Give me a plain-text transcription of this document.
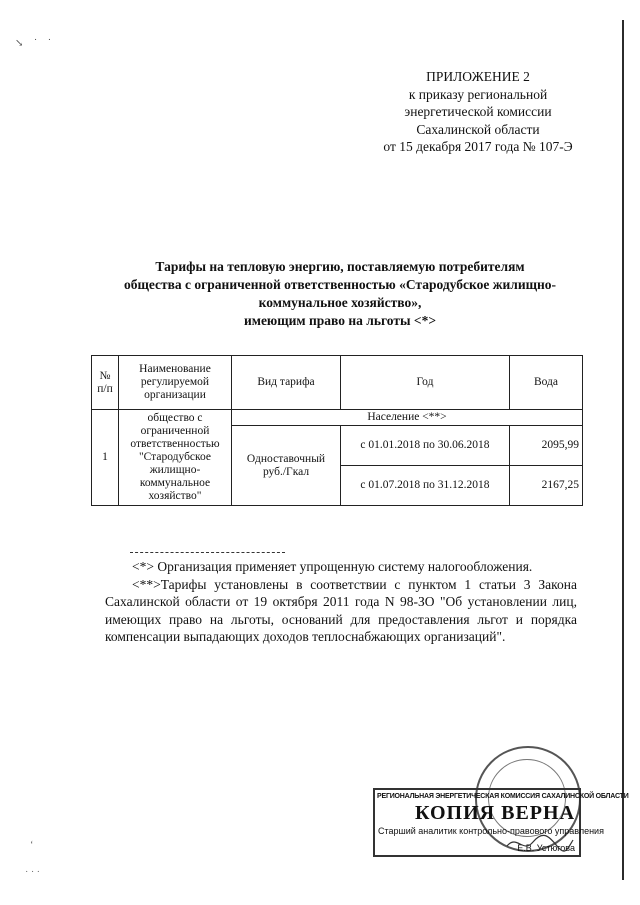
↘ ˙ ˙
ʻ
˙ ˙ ˙
ПРИЛОЖЕНИЕ 2
к приказу региональной
энергетической комиссии
Сахалинской области
от 15 декабря 2017 года № 107-Э
Тарифы на тепловую энергию, поставляемую потребителям
общества с ограниченной ответственностью «Стародубское жилищно-
коммунальное хозяйство»,
имеющим право на льготы <*>
№ п/п	Наименование регулируемой организации	Вид тарифа	Год	Вода
1	общество с ограниченной ответственностью "Стародубское жилищно-коммунальное хозяйство"	Население <**>		
		Одноставочный руб./Гкал	с 01.01.2018 по 30.06.2018	2095,99
			с 01.07.2018 по 31.12.2018	2167,25
<*> Организация применяет упрощенную систему налогообложения.
<**>Тарифы установлены в соответствии с пунктом 1 статьи 3 Закона Сахалинской области от 19 октября 2011 года N 98-ЗО "Об установлении лиц, имеющих право на льготы, оснований для предоставления льгот и порядка компенсации выпадающих доходов теплоснабжающих организаций".
РЕГИОНАЛЬНАЯ ЭНЕРГЕТИЧЕСКАЯ КОМИССИЯ САХАЛИНСКОЙ ОБЛАСТИ
КОПИЯ ВЕРНА
Старший аналитик контрольно-правового управления
Е.В. Устюгова
